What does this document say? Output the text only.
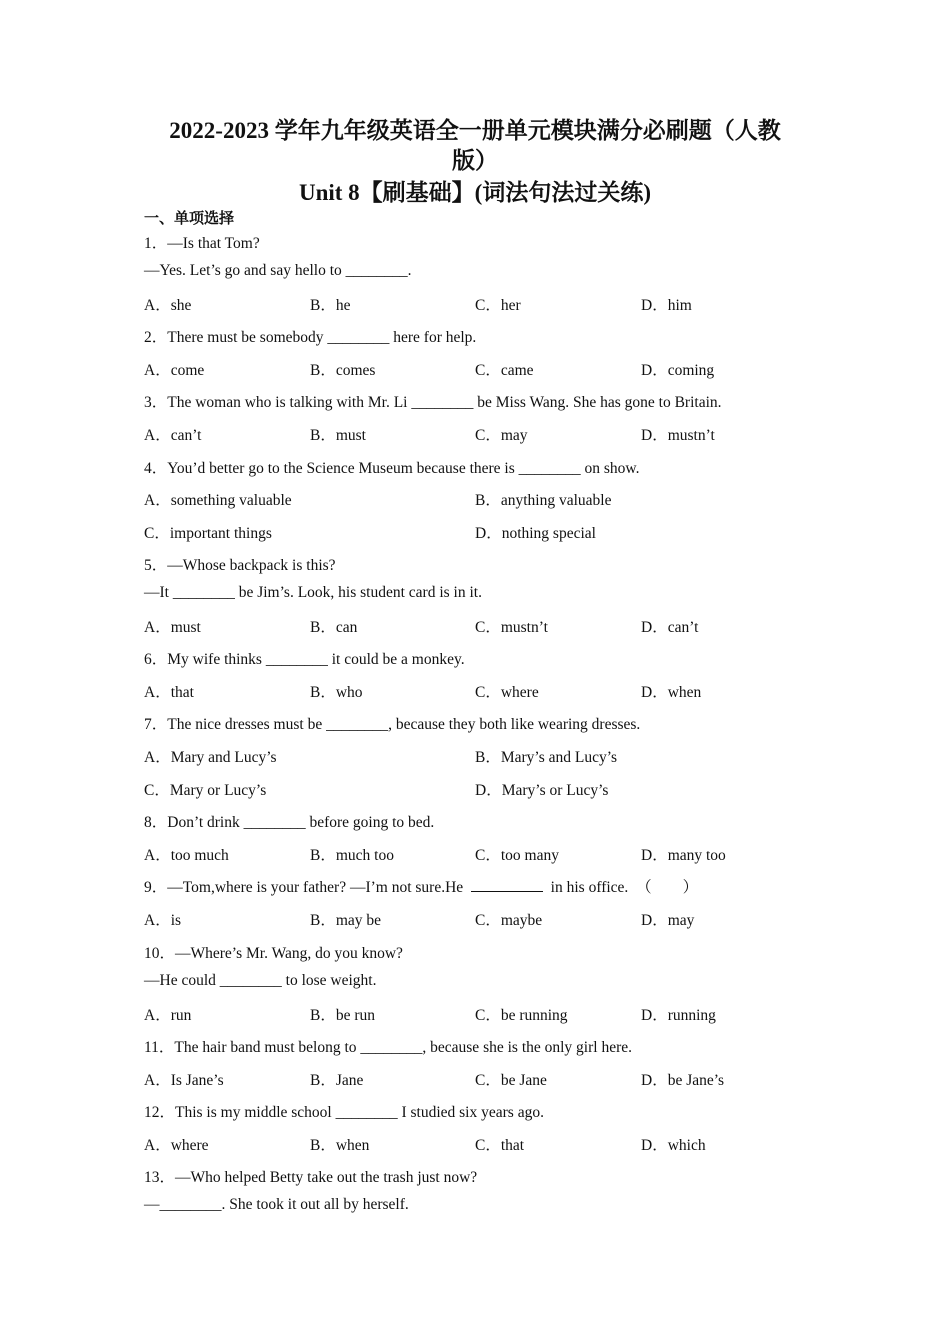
2022-2023 学年九年级英语全一册单元模块满分必刷题（人教
版）
Unit 8【刷基础】(词法句法过关练)
一、单项选择
1．—Is that Tom?
—Yes. Let’s go and say hello to ________.
A．she	B．he	C．her	D．him
2．There must be somebody ________ here for help.
A．come	B．comes	C．came	D．coming
3．The woman who is talking with Mr. Li ________ be Miss Wang. She has gone to Britain.
A．can’t	B．must	C．may	D．mustn’t
4．You’d better go to the Science Museum because there is ________ on show.
A．something valuable	B．anything valuable
C．important things	D．nothing special
5．—Whose backpack is this?
—It ________ be Jim’s. Look, his student card is in it.
A．must	B．can	C．mustn’t	D．can’t
6．My wife thinks ________ it could be a monkey.
A．that	B．who	C．where	D．when
7．The nice dresses must be ________, because they both like wearing dresses.
A．Mary and Lucy’s	B．Mary’s and Lucy’s
C．Mary or Lucy’s	D．Mary’s or Lucy’s
8．Don’t drink ________ before going to bed.
A．too much	B．much too	C．too many	D．many too
9．—Tom,where is your father? —I’m not sure.He	in his office. （　　）
A．is	B．may be	C．maybe	D．may
10．—Where’s Mr. Wang, do you know?
—He could ________ to lose weight.
A．run	B．be run	C．be running	D．running
11．The hair band must belong to ________, because she is the only girl here.
A．Is Jane’s	B．Jane	C．be Jane	D．be Jane’s
12．This is my middle school ________ I studied six years ago.
A．where	B．when	C．that	D．which
13．—Who helped Betty take out the trash just now?
—________. She took it out all by herself.
